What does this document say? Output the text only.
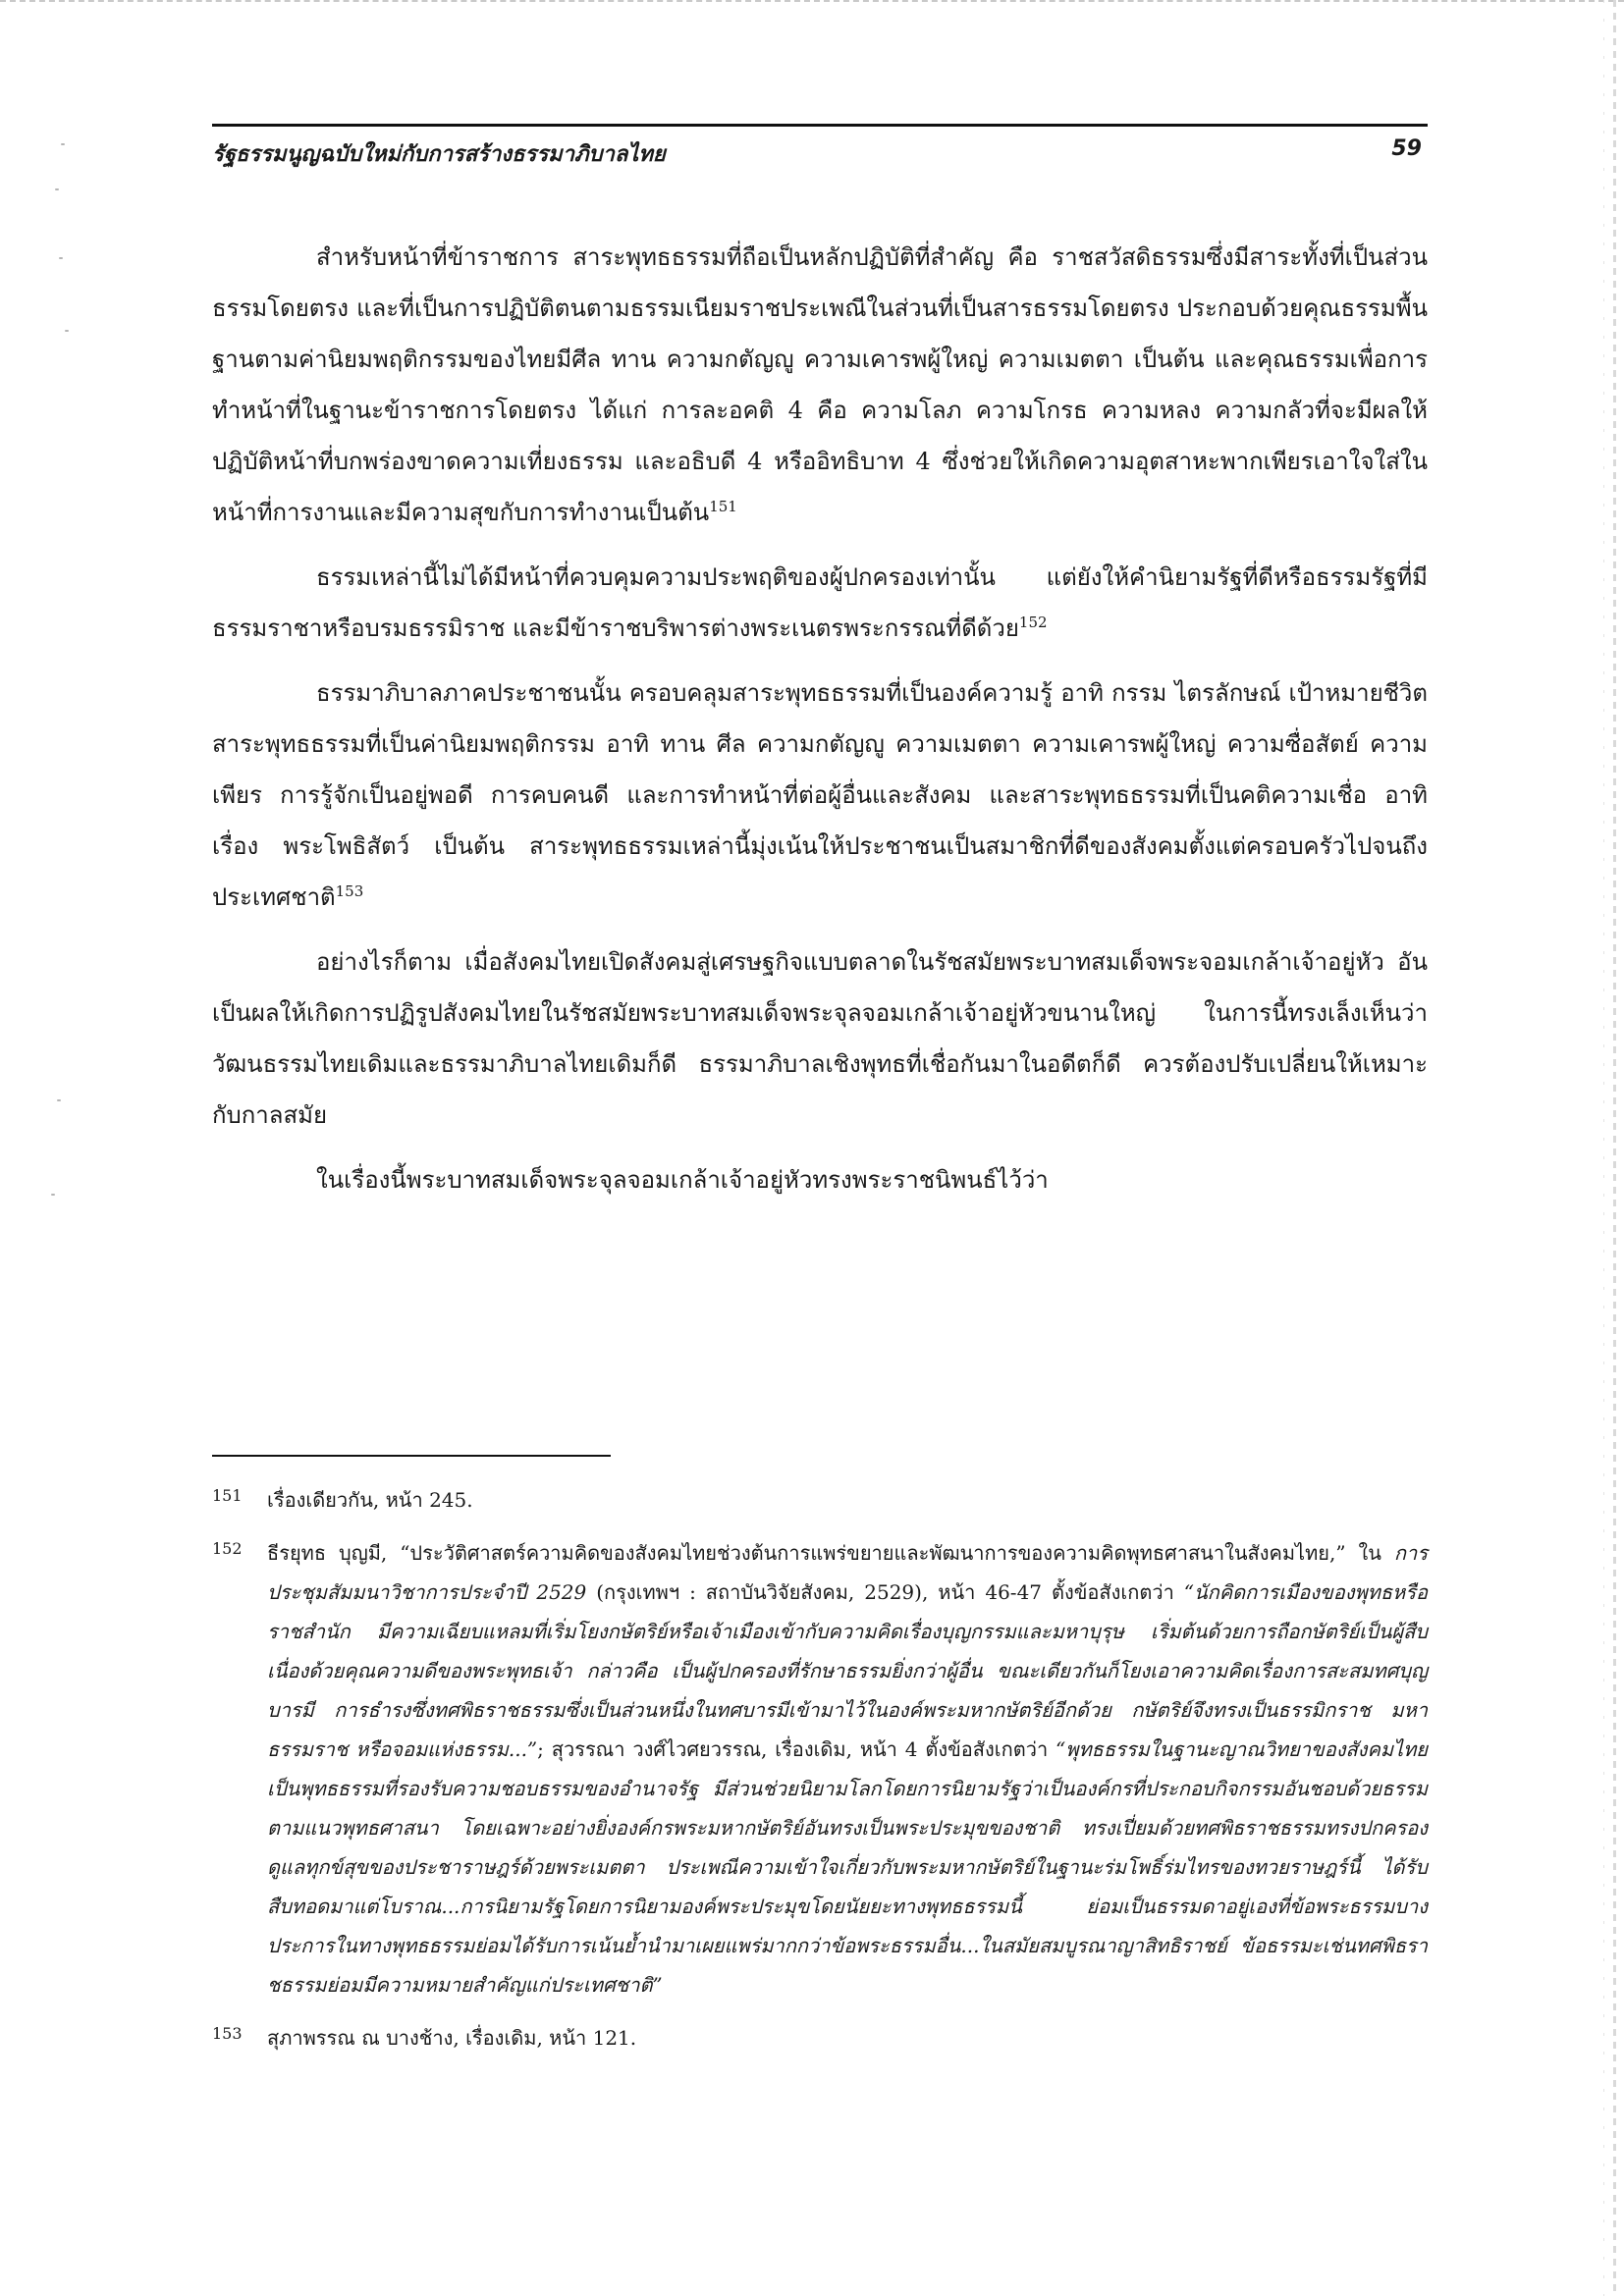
รัฐธรรมนูญฉบับใหม่กับการสร้างธรรมาภิบาลไทย	59

สำหรับหน้าที่ข้าราชการ สาระพุทธธรรมที่ถือเป็นหลักปฏิบัติที่สำคัญ คือ ราชสวัสดิธรรมซึ่งมีสาระทั้งที่เป็นส่วนธรรมโดยตรง และที่เป็นการปฏิบัติตนตามธรรมเนียมราชประเพณีในส่วนที่เป็นสารธรรมโดยตรง ประกอบด้วยคุณธรรมพื้นฐานตามค่านิยมพฤติกรรมของไทยมีศีล ทาน ความกตัญญู ความเคารพผู้ใหญ่ ความเมตตา เป็นต้น และคุณธรรมเพื่อการทำหน้าที่ในฐานะข้าราชการโดยตรง ได้แก่ การละอคติ 4 คือ ความโลภ ความโกรธ ความหลง ความกลัวที่จะมีผลให้ปฏิบัติหน้าที่บกพร่องขาดความเที่ยงธรรม และอธิบดี 4 หรืออิทธิบาท 4 ซึ่งช่วยให้เกิดความอุตสาหะพากเพียรเอาใจใส่ในหน้าที่การงานและมีความสุขกับการทำงานเป็นต้น$^{151}$

ธรรมเหล่านี้ไม่ได้มีหน้าที่ควบคุมความประพฤติของผู้ปกครองเท่านั้น แต่ยังให้คำนิยามรัฐที่ดีหรือธรรมรัฐที่มีธรรมราชาหรือบรมธรรมิราช และมีข้าราชบริพารต่างพระเนตรพระกรรณที่ดีด้วย$^{152}$

ธรรมาภิบาลภาคประชาชนนั้น ครอบคลุมสาระพุทธธรรมที่เป็นองค์ความรู้ อาทิ กรรม ไตรลักษณ์ เป้าหมายชีวิต สาระพุทธธรรมที่เป็นค่านิยมพฤติกรรม อาทิ ทาน ศีล ความกตัญญู ความเมตตา ความเคารพผู้ใหญ่ ความซื่อสัตย์ ความเพียร การรู้จักเป็นอยู่พอดี การคบคนดี และการทำหน้าที่ต่อผู้อื่นและสังคม และสาระพุทธธรรมที่เป็นคติความเชื่อ อาทิ เรื่อง พระโพธิสัตว์ เป็นต้น สาระพุทธธรรมเหล่านี้มุ่งเน้นให้ประชาชนเป็นสมาชิกที่ดีของสังคมตั้งแต่ครอบครัวไปจนถึงประเทศชาติ$^{153}$

อย่างไรก็ตาม เมื่อสังคมไทยเปิดสังคมสู่เศรษฐกิจแบบตลาดในรัชสมัยพระบาทสมเด็จพระจอมเกล้าเจ้าอยู่หัว อันเป็นผลให้เกิดการปฏิรูปสังคมไทยในรัชสมัยพระบาทสมเด็จพระจุลจอมเกล้าเจ้าอยู่หัวขนานใหญ่ ในการนี้ทรงเล็งเห็นว่าวัฒนธรรมไทยเดิมและธรรมาภิบาลไทยเดิมก็ดี ธรรมาภิบาลเชิงพุทธที่เชื่อกันมาในอดีตก็ดี ควรต้องปรับเปลี่ยนให้เหมาะกับกาลสมัย

ในเรื่องนี้พระบาทสมเด็จพระจุลจอมเกล้าเจ้าอยู่หัวทรงพระราชนิพนธ์ไว้ว่า

151 เรื่องเดียวกัน, หน้า 245.
152 ธีรยุทธ บุญมี, “ประวัติศาสตร์ความคิดของสังคมไทยช่วงต้นการแพร่ขยายและพัฒนาการของความคิดพุทธศาสนาในสังคมไทย,” ใน การประชุมสัมมนาวิชาการประจำปี 2529 (กรุงเทพฯ : สถาบันวิจัยสังคม, 2529), หน้า 46-47 ตั้งข้อสังเกตว่า “นักคิดการเมืองของพุทธหรือราชสำนัก มีความเฉียบแหลมที่เริ่มโยงกษัตริย์หรือเจ้าเมืองเข้ากับความคิดเรื่องบุญกรรมและมหาบุรุษ เริ่มต้นด้วยการถือกษัตริย์เป็นผู้สืบเนื่องด้วยคุณความดีของพระพุทธเจ้า กล่าวคือ เป็นผู้ปกครองที่รักษาธรรมยิ่งกว่าผู้อื่น ขณะเดียวกันก็โยงเอาความคิดเรื่องการสะสมทศบุญบารมี การธำรงซึ่งทศพิธราชธรรมซึ่งเป็นส่วนหนึ่งในทศบารมีเข้ามาไว้ในองค์พระมหากษัตริย์อีกด้วย กษัตริย์จึงทรงเป็นธรรมิกราช มหาธรรมราช หรือจอมแห่งธรรม...”; สุวรรณา วงศ์ไวศยวรรณ, เรื่องเดิม, หน้า 4 ตั้งข้อสังเกตว่า “พุทธธรรมในฐานะญาณวิทยาของสังคมไทย เป็นพุทธธรรมที่รองรับความชอบธรรมของอำนาจรัฐ มีส่วนช่วยนิยามโลกโดยการนิยามรัฐว่าเป็นองค์กรที่ประกอบกิจกรรมอันชอบด้วยธรรมตามแนวพุทธศาสนา โดยเฉพาะอย่างยิ่งองค์กรพระมหากษัตริย์อันทรงเป็นพระประมุขของชาติ ทรงเปี่ยมด้วยทศพิธราชธรรมทรงปกครอง ดูแลทุกข์สุขของประชาราษฎร์ด้วยพระเมตตา ประเพณีความเข้าใจเกี่ยวกับพระมหากษัตริย์ในฐานะร่มโพธิ์ร่มไทรของทวยราษฎร์นี้ ได้รับสืบทอดมาแต่โบราณ...การนิยามรัฐโดยการนิยามองค์พระประมุขโดยนัยยะทางพุทธธรรมนี้ ย่อมเป็นธรรมดาอยู่เองที่ข้อพระธรรมบางประการในทางพุทธธรรมย่อมได้รับการเน้นย้ำนำมาเผยแพร่มากกว่าข้อพระธรรมอื่น...ในสมัยสมบูรณาญาสิทธิราชย์ ข้อธรรมะเช่นทศพิธราชธรรมย่อมมีความหมายสำคัญแก่ประเทศชาติ”
153 สุภาพรรณ ณ บางช้าง, เรื่องเดิม, หน้า 121.
